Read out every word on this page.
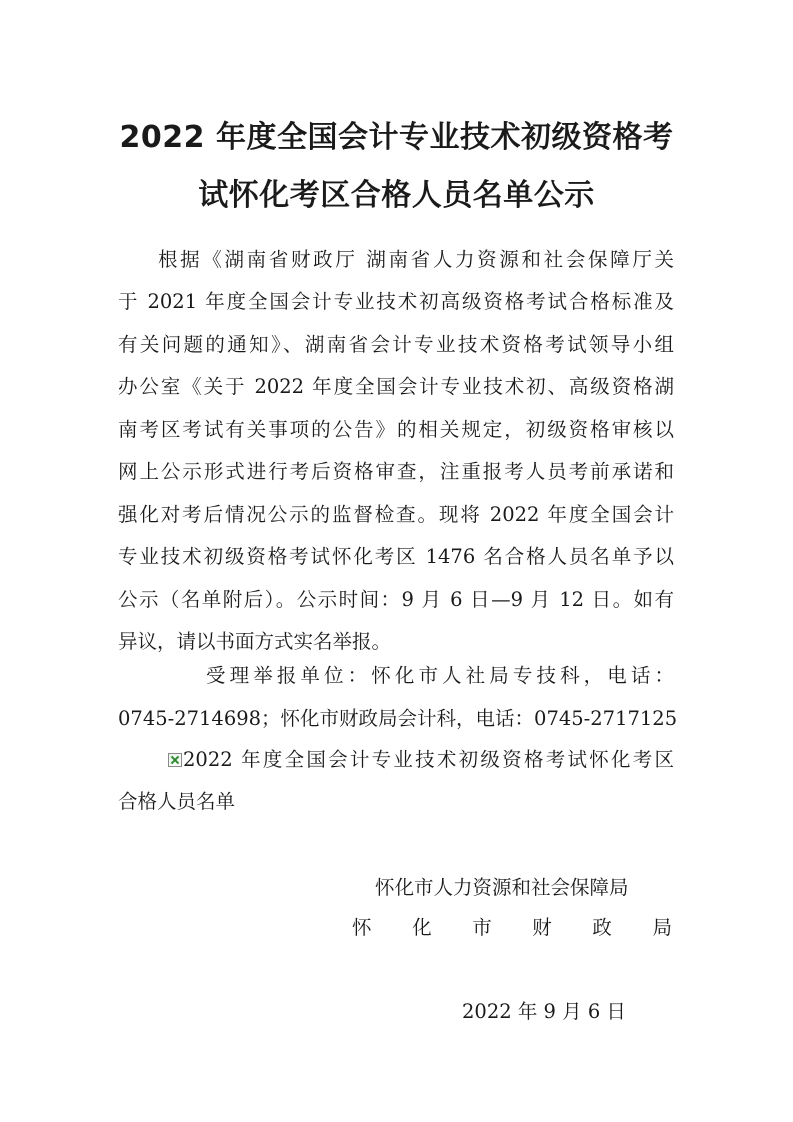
2022 年度全国会计专业技术初级资格考
试怀化考区合格人员名单公示

根据《湖南省财政厅 湖南省人力资源和社会保障厅关

于 2021 年度全国会计专业技术初高级资格考试合格标准及

有关问题的通知》、湖南省会计专业技术资格考试领导小组

办公室《关于 2022 年度全国会计专业技术初、高级资格湖

南考区考试有关事项的公告》的相关规定，初级资格审核以

网上公示形式进行考后资格审查，注重报考人员考前承诺和

强化对考后情况公示的监督检查。现将 2022 年度全国会计

专业技术初级资格考试怀化考区 1476 名合格人员名单予以

公示（名单附后）。公示时间：9 月 6 日—9 月 12 日。如有

异议，请以书面方式实名举报。

受理举报单位：怀化市人社局专技科，电话：

0745-2714698；怀化市财政局会计科，电话：0745-2717125

2022 年度全国会计专业技术初级资格考试怀化考区

合格人员名单

怀化市人力资源和社会保障局

怀 化 市 财 政 局

2022 年 9 月 6 日
